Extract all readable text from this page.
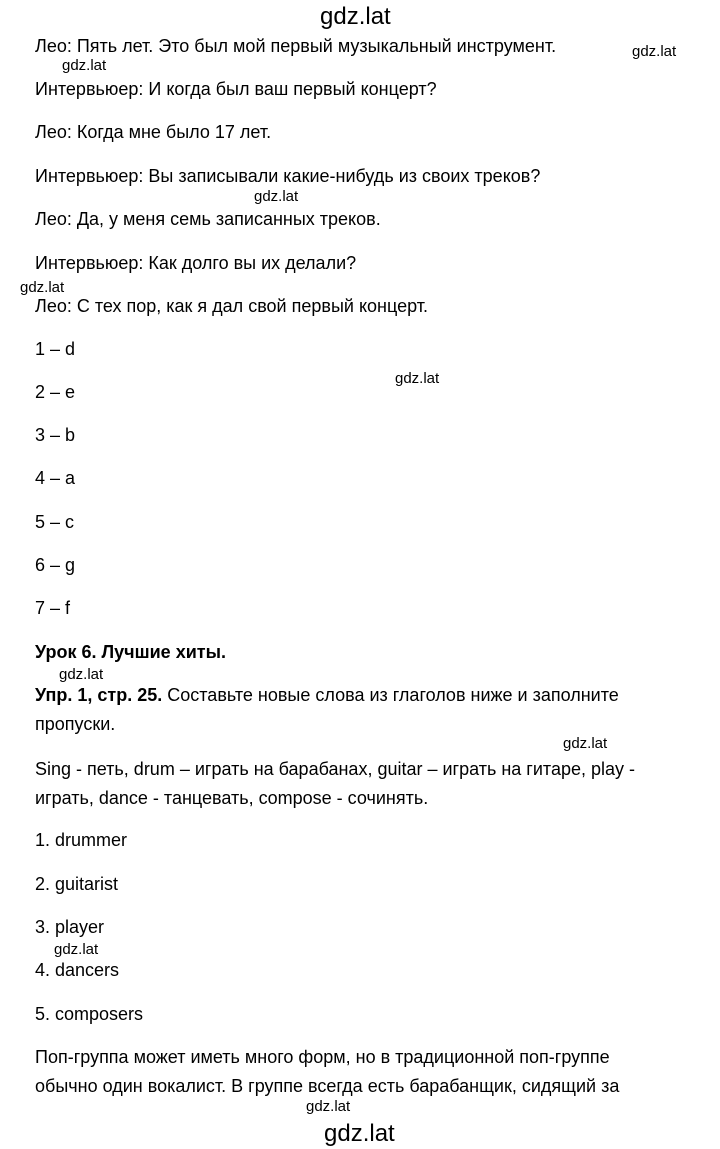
gdz.lat
gdz.lat
gdz.lat
gdz.lat
gdz.lat
gdz.lat
gdz.lat
gdz.lat
gdz.lat
gdz.lat
gdz.lat
Лео: Пять лет. Это был мой первый музыкальный инструмент.
Интервьюер: И когда был ваш первый концерт?
Лео: Когда мне было 17 лет.
Интервьюер: Вы записывали какие-нибудь из своих треков?
Лео: Да, у меня семь записанных треков.
Интервьюер: Как долго вы их делали?
Лео: С тех пор, как я дал свой первый концерт.
1 – d
2 – e
3 – b
4 – a
5 – c
6 – g
7 – f
Урок 6. Лучшие хиты.
Упр. 1, стр. 25. Составьте новые слова из глаголов ниже и заполните
пропуски.
Sing - петь, drum – играть на барабанах, guitar – играть на гитаре, play -
играть, dance - танцевать, compose - сочинять.
1. drummer
2. guitarist
3. player
4. dancers
5. composers
Поп-группа может иметь много форм, но в традиционной поп-группе
обычно один вокалист. В группе всегда есть барабанщик, сидящий за
